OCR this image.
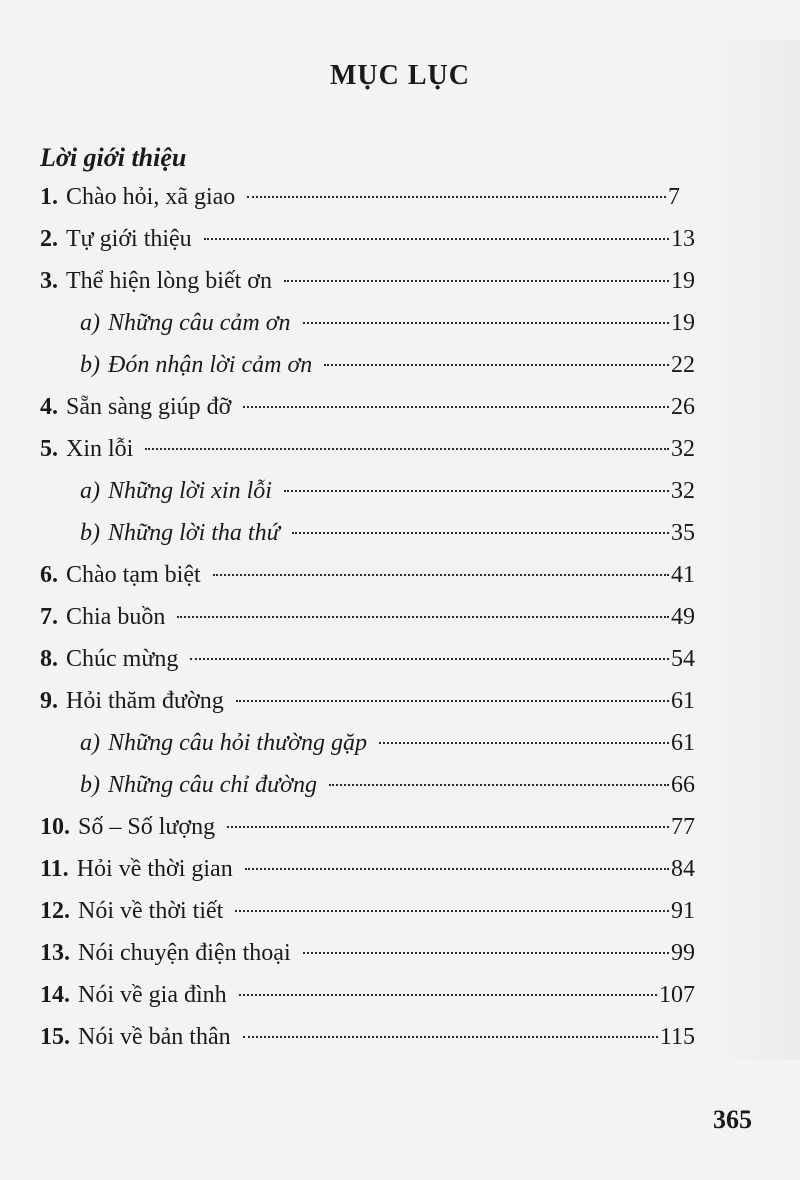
MỤC LỤC
Lời giới thiệu
1. Chào hỏi, xã giao	7
2. Tự giới thiệu	13
3. Thể hiện lòng biết ơn	19
a) Những câu cảm ơn	19
b) Đón nhận lời cảm ơn	22
4. Sẵn sàng giúp đỡ	26
5. Xin lỗi	32
a) Những lời xin lỗi	32
b) Những lời tha thứ	35
6. Chào tạm biệt	41
7. Chia buồn	49
8. Chúc mừng	54
9. Hỏi thăm đường	61
a) Những câu hỏi thường gặp	61
b) Những câu chỉ đường	66
10. Số – Số lượng	77
11. Hỏi về thời gian	84
12. Nói về thời tiết	91
13. Nói chuyện điện thoại	99
14. Nói về gia đình	107
15. Nói về bản thân	115
365
